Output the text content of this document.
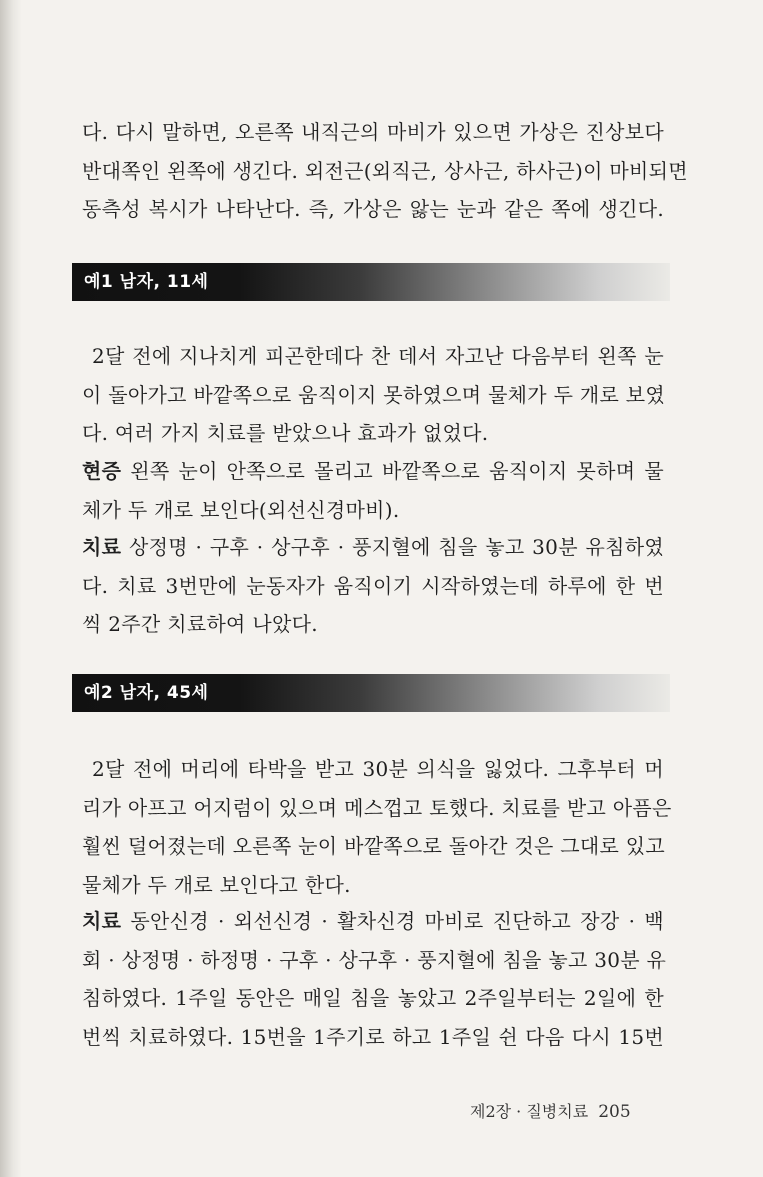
다. 다시 말하면, 오른쪽 내직근의 마비가 있으면 가상은 진상보다
반대쪽인 왼쪽에 생긴다. 외전근(외직근, 상사근, 하사근)이 마비되면
동측성 복시가 나타난다. 즉, 가상은 앓는 눈과 같은 쪽에 생긴다.
예1 남자, 11세
2달 전에 지나치게 피곤한데다 찬 데서 자고난 다음부터 왼쪽 눈
이 돌아가고 바깥쪽으로 움직이지 못하였으며 물체가 두 개로 보였
다. 여러 가지 치료를 받았으나 효과가 없었다.
현증 왼쪽 눈이 안쪽으로 몰리고 바깥쪽으로 움직이지 못하며 물
체가 두 개로 보인다(외선신경마비).
치료 상정명 · 구후 · 상구후 · 풍지혈에 침을 놓고 30분 유침하였
다. 치료 3번만에 눈동자가 움직이기 시작하였는데 하루에 한 번
씩 2주간 치료하여 나았다.
예2 남자, 45세
2달 전에 머리에 타박을 받고 30분 의식을 잃었다. 그후부터 머
리가 아프고 어지럼이 있으며 메스껍고 토했다. 치료를 받고 아픔은
훨씬 덜어졌는데 오른쪽 눈이 바깥쪽으로 돌아간 것은 그대로 있고
물체가 두 개로 보인다고 한다.
치료 동안신경 · 외선신경 · 활차신경 마비로 진단하고 장강 · 백
회 · 상정명 · 하정명 · 구후 · 상구후 · 풍지혈에 침을 놓고 30분 유
침하였다. 1주일 동안은 매일 침을 놓았고 2주일부터는 2일에 한
번씩 치료하였다. 15번을 1주기로 하고 1주일 쉰 다음 다시 15번
제2장 · 질병치료 205
